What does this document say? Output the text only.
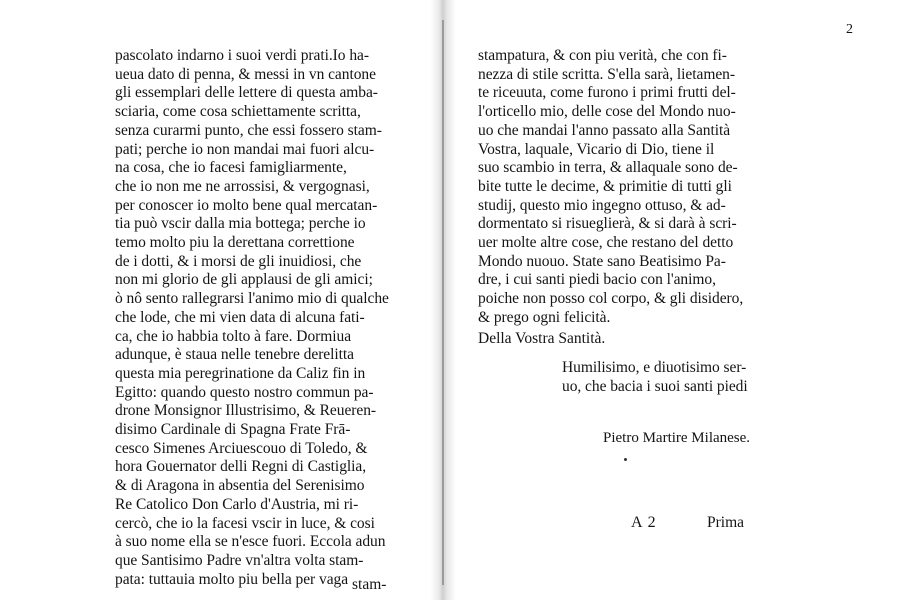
pascolato indarno i suoi verdi prati.Io ha-
ueua dato di penna, & messi in vn cantone
gli essemplari delle lettere di questa amba-
sciaria, come cosa schiettamente scritta,
senza curarmi punto, che essi fossero stam-
pati; perche io non mandai mai fuori alcu-
na cosa, che io facesi famigliarmente,
che io non me ne arrossisi, & vergognasi,
per conoscer io molto bene qual mercatan-
tia può vscir dalla mia bottega; perche io
temo molto piu la derettana correttione
de i dotti, & i morsi de gli inuidiosi, che
non mi glorio de gli applausi de gli amici;
ò nô sento rallegrarsi l'animo mio di qualche
che lode, che mi vien data di alcuna fati-
ca, che io habbia tolto à fare. Dormiua
adunque, è staua nelle tenebre derelitta
questa mia peregrinatione da Caliz fin in
Egitto: quando questo nostro commun pa-
drone Monsignor Illustrisimo, & Reueren-
disimo Cardinale di Spagna Frate Frā-
cesco Simenes Arciuescouo di Toledo, &
hora Gouernator delli Regni di Castiglia,
& di Aragona in absentia del Serenisimo
Re Catolico Don Carlo d'Austria, mi ri-
cercò, che io la facesi vscir in luce, & cosi
à suo nome ella se n'esce fuori. Eccola adun
que Santisimo Padre vn'altra volta stam-
pata: tuttauia molto piu bella per vaga stam-
2
stampatura, & con piu verità, che con fi-
nezza di stile scritta. S'ella sarà, lietamen-
te riceuuta, come furono i primi frutti del-
l'orticello mio, delle cose del Mondo nuo-
uo che mandai l'anno passato alla Santità
Vostra, laquale, Vicario di Dio, tiene il
suo scambio in terra, & allaquale sono de-
bite tutte le decime, & primitie di tutti gli
studij, questo mio ingegno ottuso, & ad-
dormentato si risueglierà, & si darà à scri-
uer molte altre cose, che restano del detto
Mondo nuouo. State sano Beatisimo Pa-
dre, i cui santi piedi bacio con l'animo,
poiche non posso col corpo, & gli disidero,
& prego ogni felicità.
Della Vostra Santità.
Humilisimo, e diuotisimo ser-
uo, che bacia i suoi santi piedi
Pietro Martire Milanese.
A 2	Prima
